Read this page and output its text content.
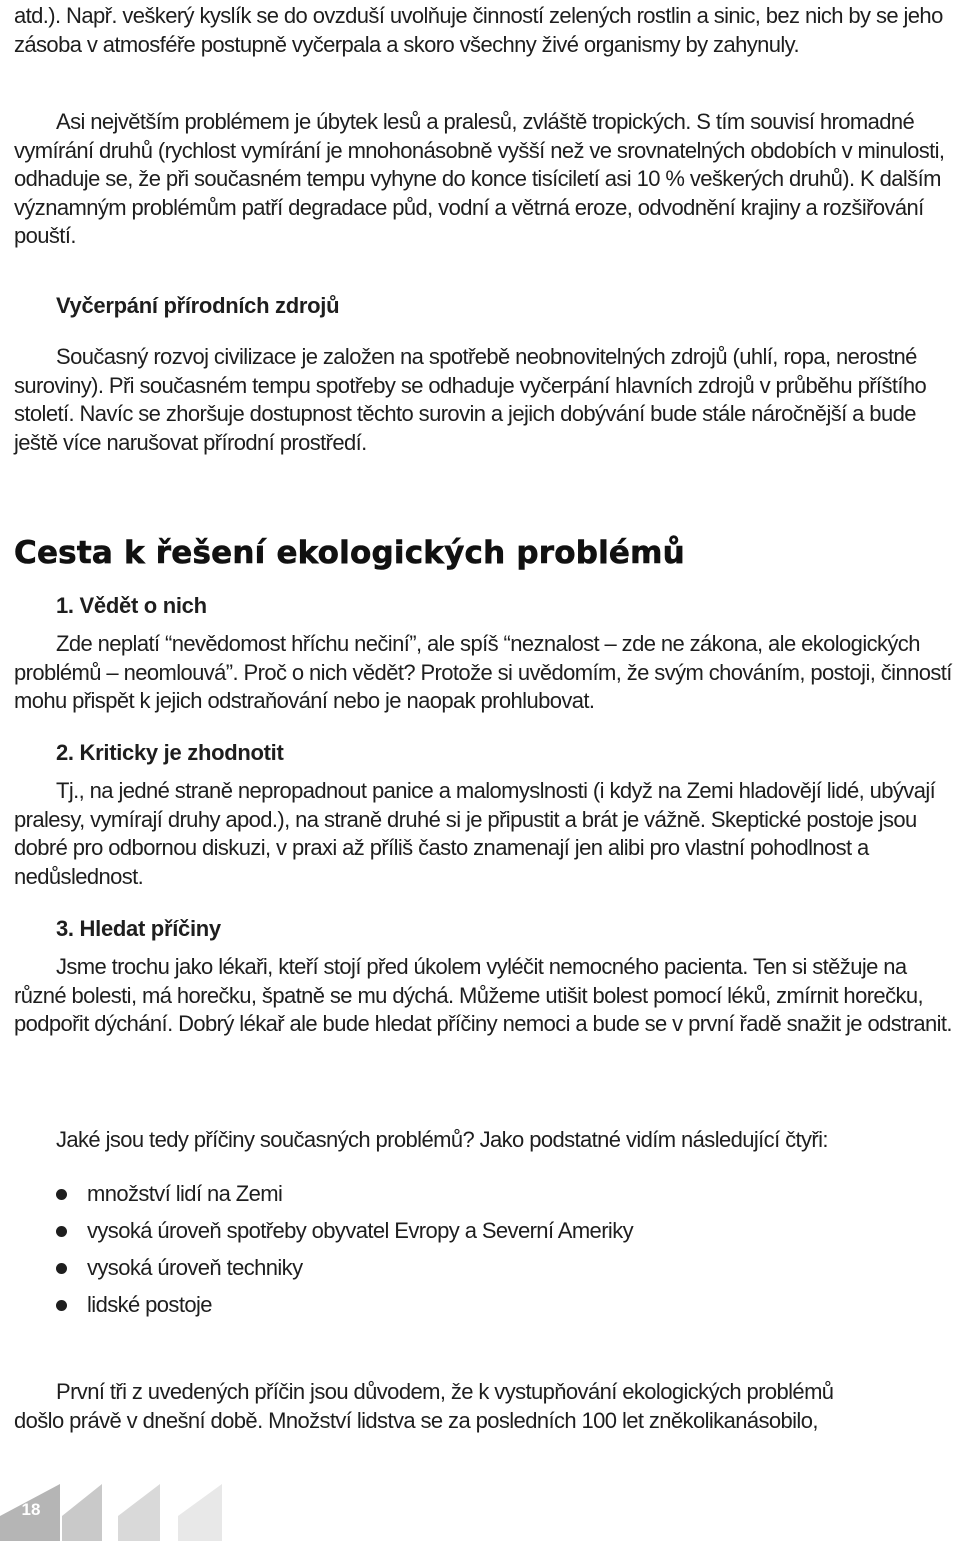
atd.). Např. veškerý kyslík se do ovzduší uvolňuje činností zelených rostlin a sinic, bez nich by se jeho zásoba v atmosféře postupně vyčerpala a skoro všechny živé organismy by zahynuly.

Asi největším problémem je úbytek lesů a pralesů, zvláště tropických. S tím souvisí hromadné vymírání druhů (rychlost vymírání je mnohonásobně vyšší než ve srovnatelných obdobích v minulosti, odhaduje se, že při současném tempu vyhyne do konce tisíciletí asi 10 % veškerých druhů). K dalším významným problémům patří degradace půd, vodní a větrná eroze, odvodnění krajiny a rozšiřování pouští.

Vyčerpání přírodních zdrojů

Současný rozvoj civilizace je založen na spotřebě neobnovitelných zdrojů (uhlí, ropa, nerostné suroviny). Při současném tempu spotřeby se odhaduje vyčerpání hlavních zdrojů v průběhu příštího století. Navíc se zhoršuje dostupnost těchto surovin a jejich dobývání bude stále náročnější a bude ještě více narušovat přírodní prostředí.

Cesta k řešení ekologických problémů

1. Vědět o nich

Zde neplatí “nevědomost hříchu nečiní”, ale spíš “neznalost – zde ne zákona, ale ekologických problémů – neomlouvá”. Proč o nich vědět? Protože si uvědomím, že svým chováním, postoji, činností mohu přispět k jejich odstraňování nebo je naopak prohlubovat.

2. Kriticky je zhodnotit

Tj., na jedné straně nepropadnout panice a malomyslnosti (i když na Zemi hladovějí lidé, ubývají pralesy, vymírají druhy apod.), na straně druhé si je připustit a brát je vážně. Skeptické postoje jsou dobré pro odbornou diskuzi, v praxi až příliš často znamenají jen alibi pro vlastní pohodlnost a nedůslednost.

3. Hledat příčiny

Jsme trochu jako lékaři, kteří stojí před úkolem vyléčit nemocného pacienta. Ten si stěžuje na různé bolesti, má horečku, špatně se mu dýchá. Můžeme utišit bolest pomocí léků, zmírnit horečku, podpořit dýchání. Dobrý lékař ale bude hledat příčiny nemoci a bude se v první řadě snažit je odstranit.

Jaké jsou tedy příčiny současných problémů? Jako podstatné vidím následující čtyři:

množství lidí na Zemi
vysoká úroveň spotřeby obyvatel Evropy a Severní Ameriky
vysoká úroveň techniky
lidské postoje

První tři z uvedených příčin jsou důvodem, že k vystupňování ekologických problémů

došlo právě v dnešní době. Množství lidstva se za posledních 100 let zněkolikanásobilo,

18
